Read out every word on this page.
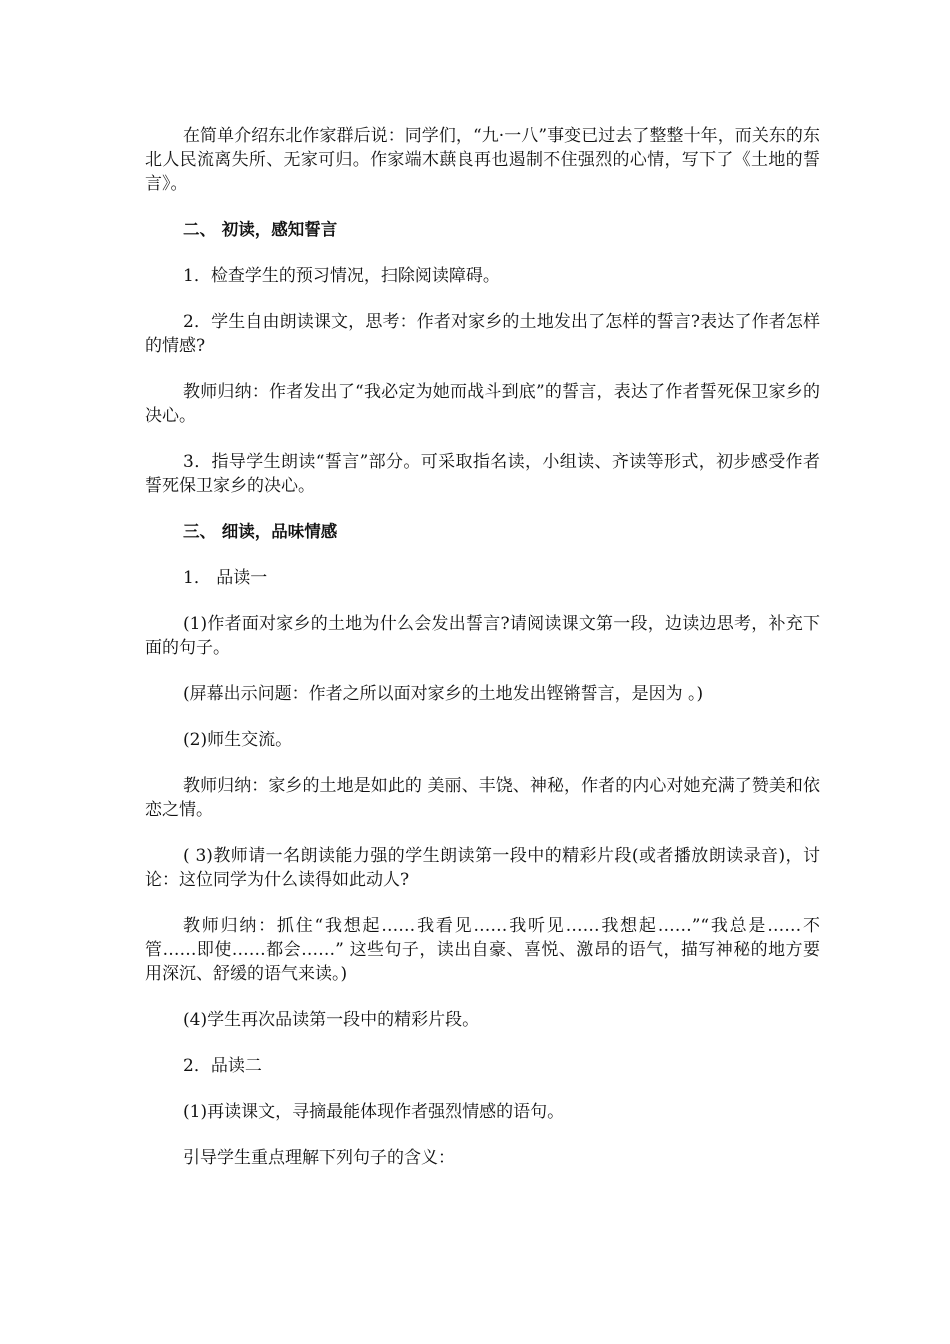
在简单介绍东北作家群后说：同学们，“九·一八”事变已过去了整整十年，而关东的东北人民流离失所、无家可归。作家端木蕻良再也遏制不住强烈的心情，写下了《土地的誓言》。

二、 初读，感知誓言

1．检查学生的预习情况，扫除阅读障碍。

2．学生自由朗读课文，思考：作者对家乡的土地发出了怎样的誓言?表达了作者怎样的情感?

教师归纳：作者发出了“我必定为她而战斗到底”的誓言，表达了作者誓死保卫家乡的决心。

3．指导学生朗读“誓言”部分。可采取指名读，小组读、齐读等形式，初步感受作者誓死保卫家乡的决心。

三、 细读，品味情感

1． 品读一

(1)作者面对家乡的土地为什么会发出誓言?请阅读课文第一段，边读边思考，补充下面的句子。

(屏幕出示问题：作者之所以面对家乡的土地发出铿锵誓言，是因为 。)

(2)师生交流。

教师归纳：家乡的土地是如此的 美丽、丰饶、神秘，作者的内心对她充满了赞美和依恋之情。

( 3)教师请一名朗读能力强的学生朗读第一段中的精彩片段(或者播放朗读录音)，讨论：这位同学为什么读得如此动人?

教师归纳：抓住“我想起……我看见……我听见……我想起……”“我总是……不管……即使……都会……” 这些句子，读出自豪、喜悦、激昂的语气，描写神秘的地方要用深沉、舒缓的语气来读。)

(4)学生再次品读第一段中的精彩片段。

2．品读二

(1)再读课文，寻摘最能体现作者强烈情感的语句。

引导学生重点理解下列句子的含义：
